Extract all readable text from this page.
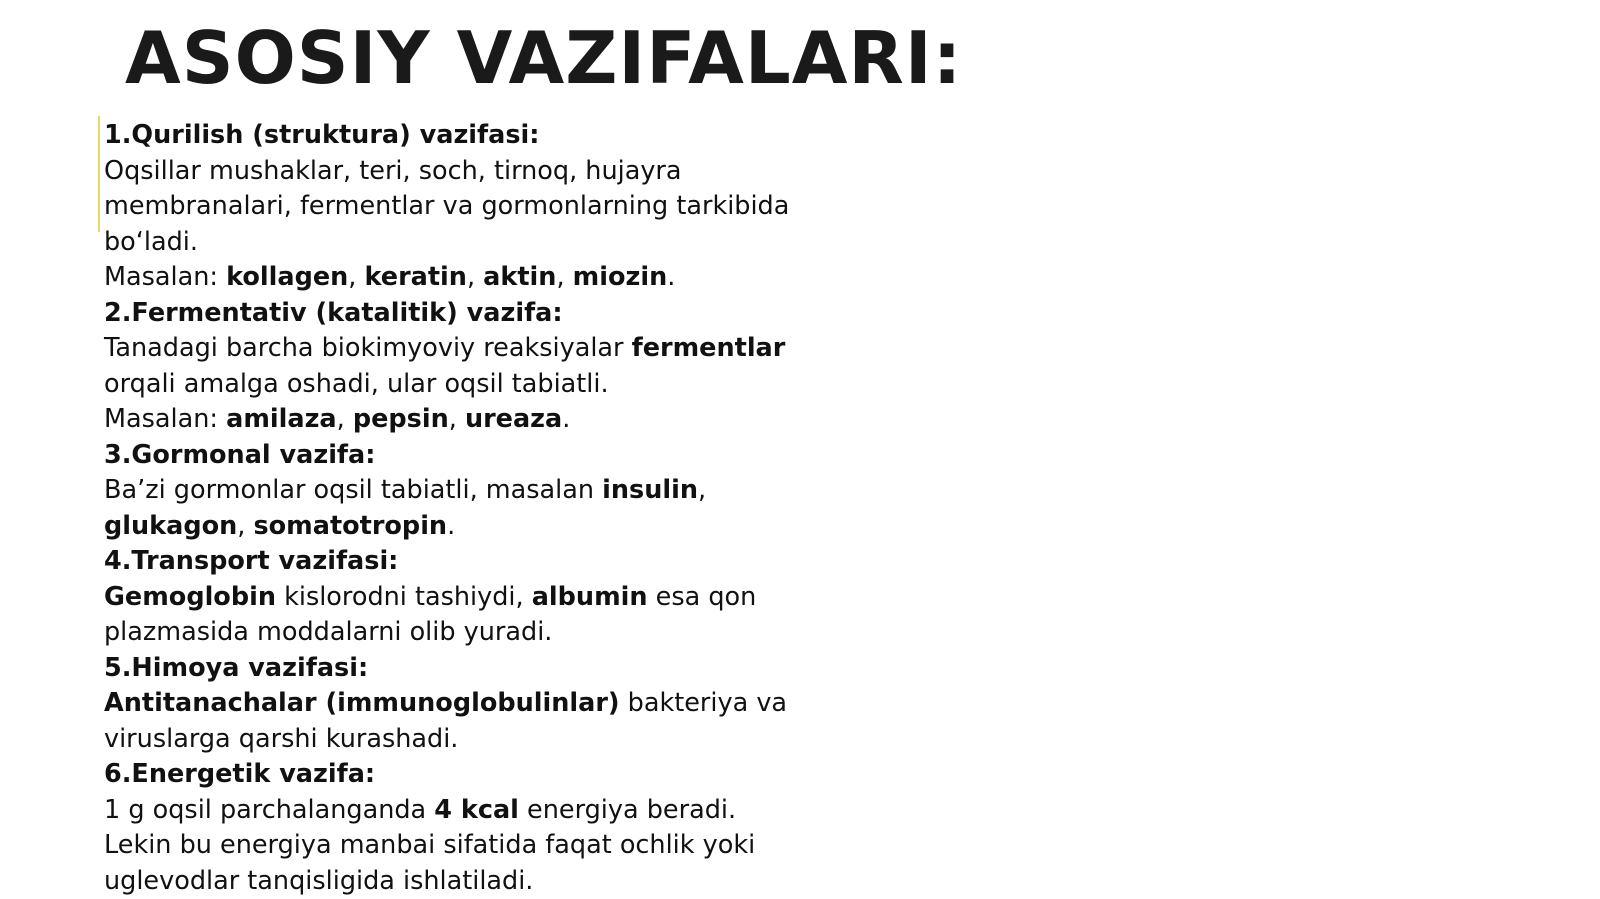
ASOSIY VAZIFALARI:

1.Qurilish (struktura) vazifasi:

Oqsillar mushaklar, teri, soch, tirnoq, hujayra

membranalari, fermentlar va gormonlarning tarkibida

bo‘ladi.

Masalan: kollagen, keratin, aktin, miozin.

2.Fermentativ (katalitik) vazifa:

Tanadagi barcha biokimyoviy reaksiyalar fermentlar

orqali amalga oshadi, ular oqsil tabiatli.

Masalan: amilaza, pepsin, ureaza.

3.Gormonal vazifa:

Ba’zi gormonlar oqsil tabiatli, masalan insulin,

glukagon, somatotropin.

4.Transport vazifasi:

Gemoglobin kislorodni tashiydi, albumin esa qon

plazmasida moddalarni olib yuradi.

5.Himoya vazifasi:

Antitanachalar (immunoglobulinlar) bakteriya va

viruslarga qarshi kurashadi.

6.Energetik vazifa:

1 g oqsil parchalanganda 4 kcal energiya beradi.

Lekin bu energiya manbai sifatida faqat ochlik yoki

uglevodlar tanqisligida ishlatiladi.
